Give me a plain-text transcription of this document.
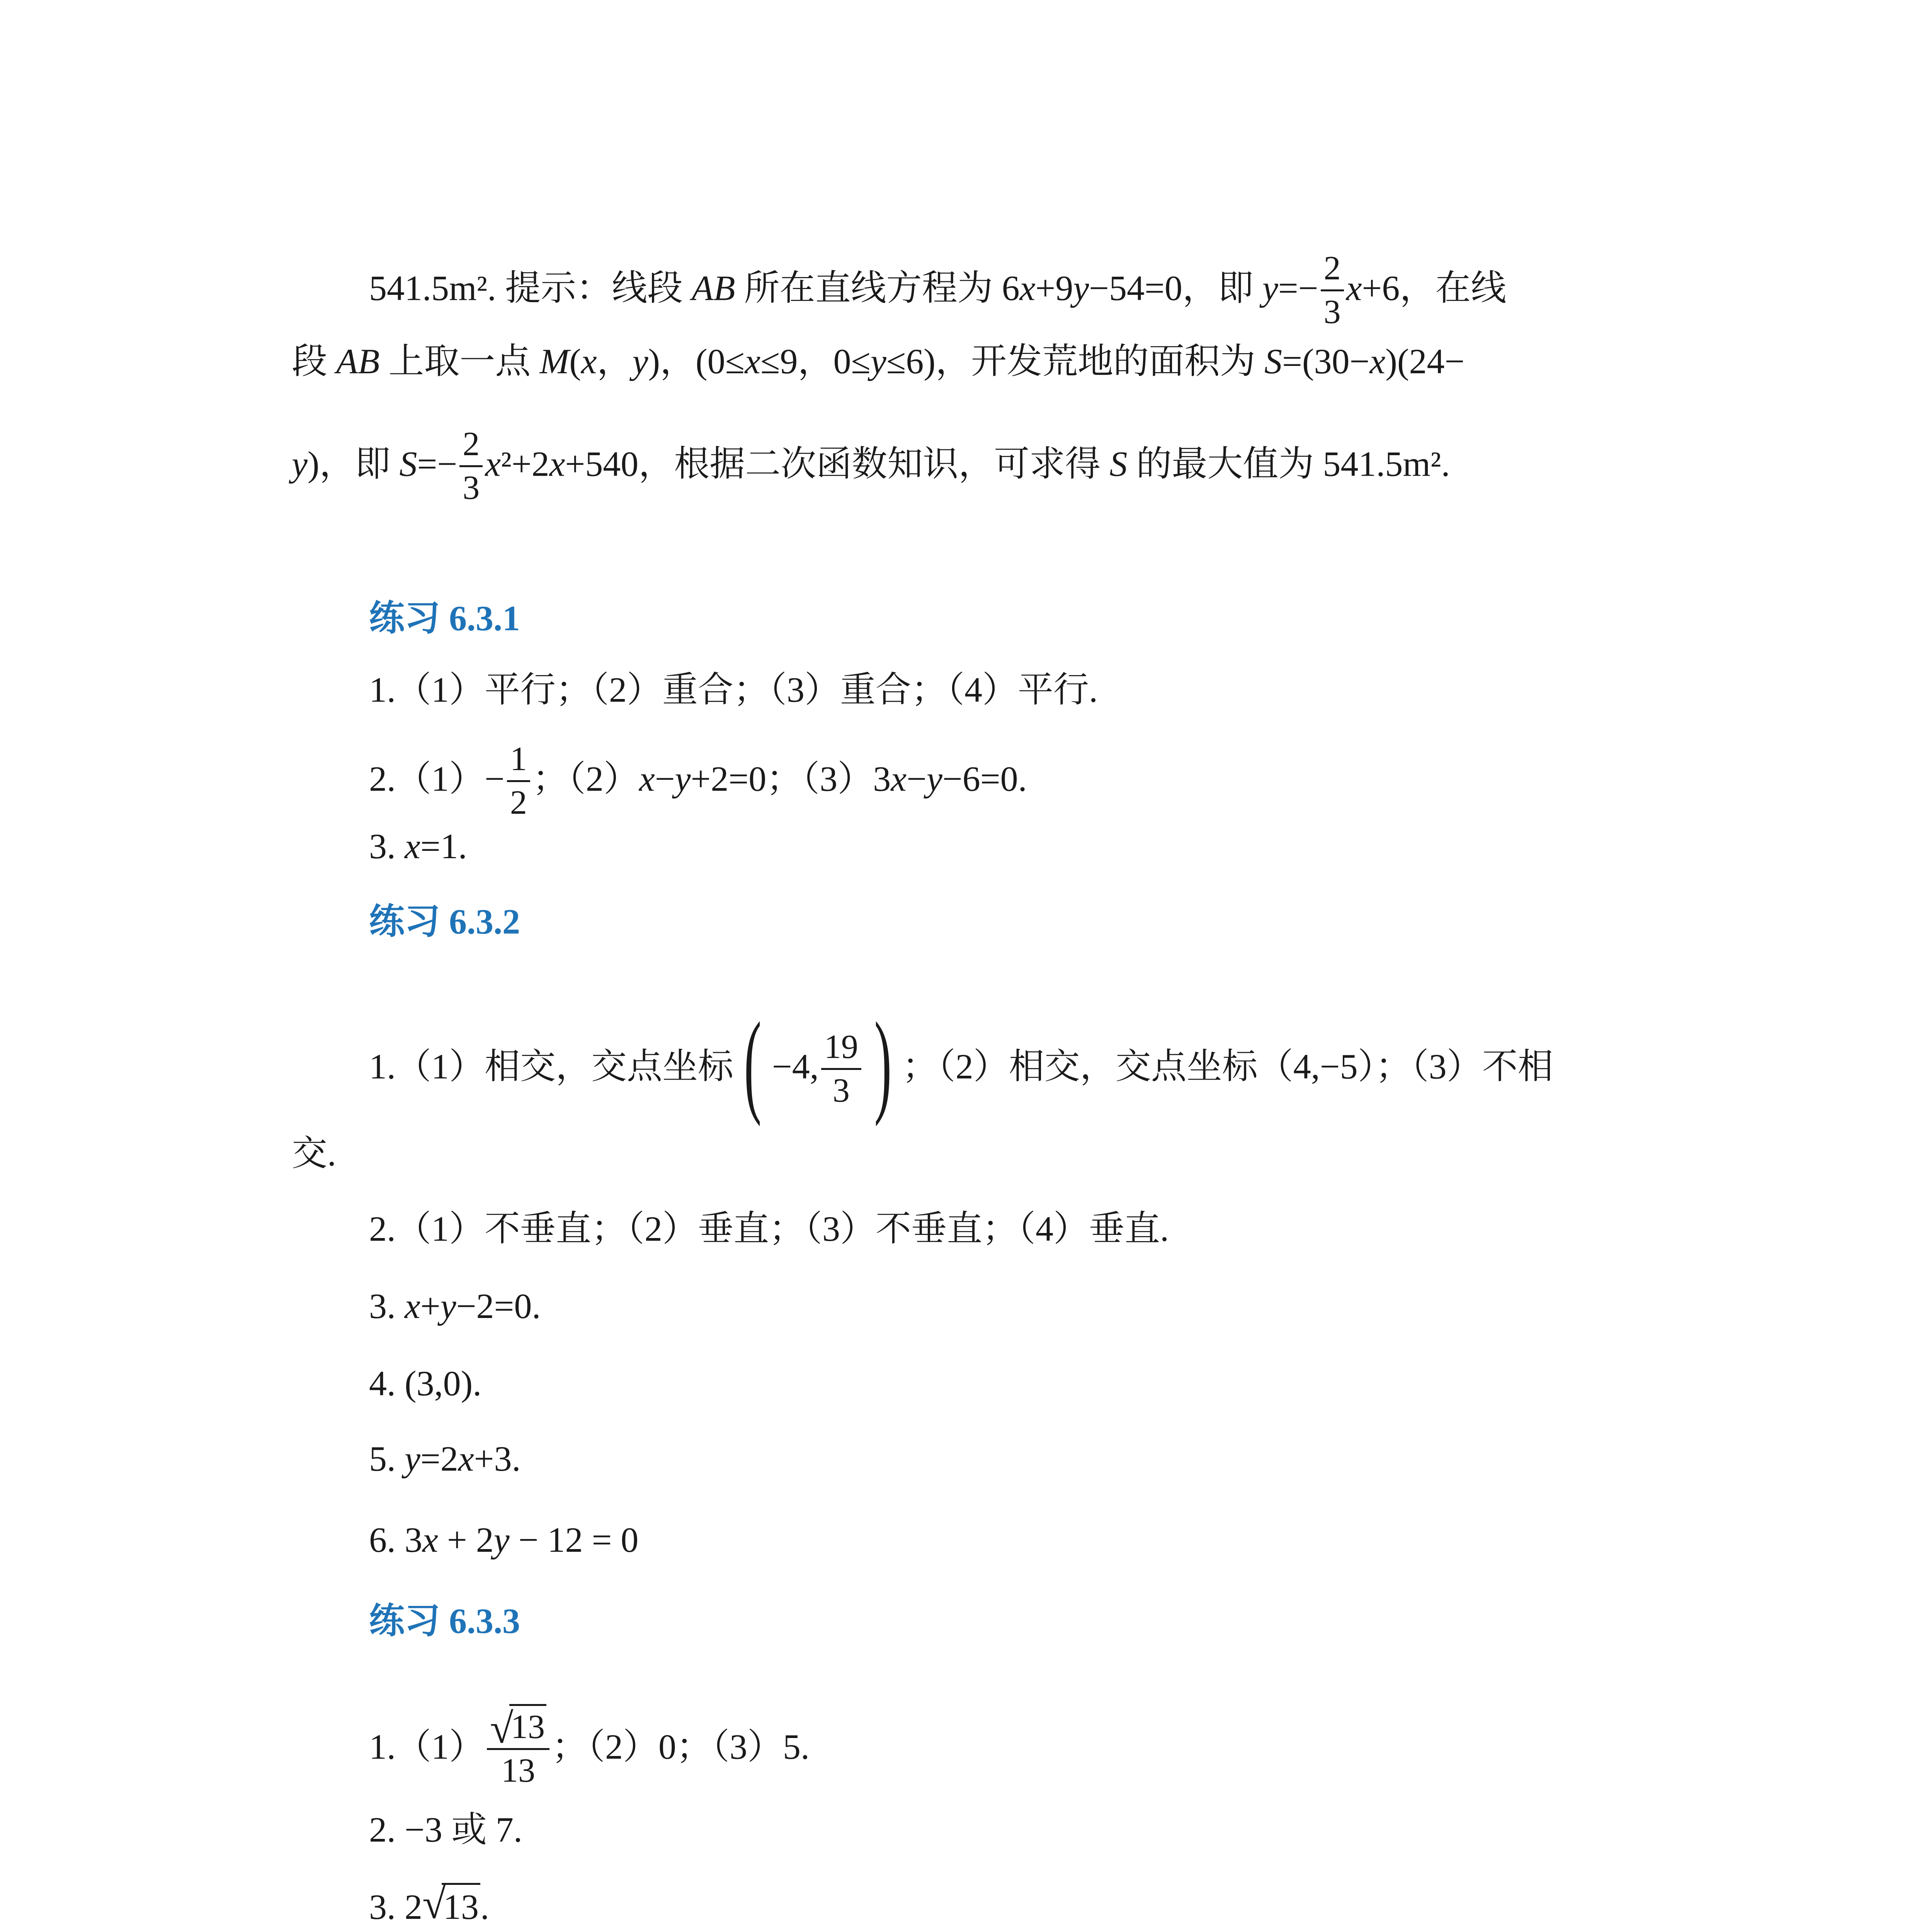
541.5m². 提示：线段 AB 所在直线方程为 6x+9y−54=0，即 y=−
2
3
x+6，在线
段 AB 上取一点 M(x，y)，(0≤x≤9，0≤y≤6)，开发荒地的面积为 S=(30−x)(24−
y)，即 S=−
2
3
x²+2x+540，根据二次函数知识，可求得 S 的最大值为 541.5m².
练习 6.3.1
1.（1）平行；（2）重合；（3）重合；（4）平行.
2.（1）−
1
2
；（2）x−y+2=0；（3）3x−y−6=0.
3. x=1.
练习 6.3.2
1.（1）相交，交点坐标( −4,
19
3 ) ；（2）相交，交点坐标（4,−5）；（3）不相
交.
2.（1）不垂直；（2）垂直；（3）不垂直；（4）垂直.
3. x+y−2=0.
4. (3,0).
5. y=2x+3.
6. 3x + 2y − 12 = 0
练习 6.3.3
1.（1） √
13
13
；（2）0；（3）5.
2. −3 或 7.
3. 2 √
13.
